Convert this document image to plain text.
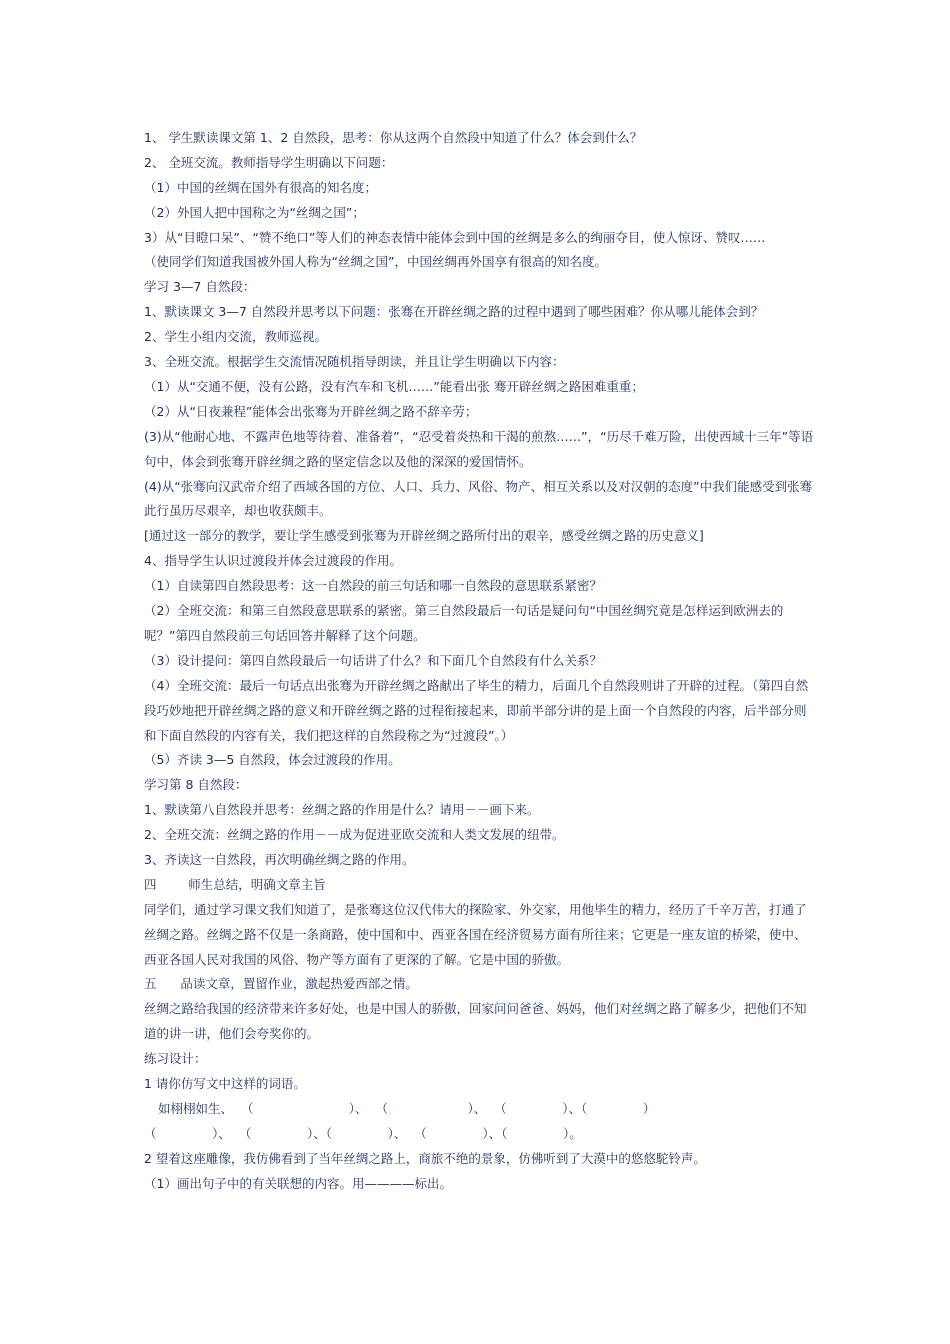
1、 学生默读课文第 1、2 自然段，思考：你从这两个自然段中知道了什么？体会到什么？
2、 全班交流。教师指导学生明确以下问题：
（1）中国的丝绸在国外有很高的知名度；
（2）外国人把中国称之为“丝绸之国”；
3）从“目瞪口呆”、“赞不绝口”等人们的神态表情中能体会到中国的丝绸是多么的绚丽夺目，使人惊讶、赞叹……
（使同学们知道我国被外国人称为“丝绸之国”，中国丝绸再外国享有很高的知名度。
学习 3—7 自然段：
1、默读课文 3—7 自然段并思考以下问题：张骞在开辟丝绸之路的过程中遇到了哪些困难？你从哪儿能体会到？
2、学生小组内交流，教师巡视。
3、全班交流。根据学生交流情况随机指导朗读，并且让学生明确以下内容：
（1）从“交通不便，没有公路，没有汽车和飞机……”能看出张 骞开辟丝绸之路困难重重；
（2）从“日夜兼程”能体会出张骞为开辟丝绸之路不辞辛劳；
(3)从“他耐心地、不露声色地等待着、准备着”，“忍受着炎热和干渴的煎熬……”，“历尽千难万险，出使西域十三年”等语句中，体会到张骞开辟丝绸之路的坚定信念以及他的深深的爱国情怀。
(4)从“张骞向汉武帝介绍了西域各国的方位、人口、兵力、风俗、物产、相互关系以及对汉朝的态度”中我们能感受到张骞此行虽历尽艰辛，却也收获颇丰。
[通过这一部分的教学，要让学生感受到张骞为开辟丝绸之路所付出的艰辛，感受丝绸之路的历史意义]
4、指导学生认识过渡段并体会过渡段的作用。
（1）自读第四自然段思考：这一自然段的前三句话和哪一自然段的意思联系紧密？
（2）全班交流：和第三自然段意思联系的紧密。第三自然段最后一句话是疑问句“中国丝绸究竟是怎样运到欧洲去的呢？”第四自然段前三句话回答并解释了这个问题。
（3）设计提问：第四自然段最后一句话讲了什么？和下面几个自然段有什么关系？
（4）全班交流：最后一句话点出张骞为开辟丝绸之路献出了毕生的精力，后面几个自然段则讲了开辟的过程。（第四自然段巧妙地把开辟丝绸之路的意义和开辟丝绸之路的过程衔接起来，即前半部分讲的是上面一个自然段的内容，后半部分则和下面自然段的内容有关，我们把这样的自然段称之为“过渡段”。）
（5）齐读 3—5 自然段，体会过渡段的作用。
学习第 8 自然段：
1、默读第八自然段并思考：丝绸之路的作用是什么？请用－－画下来。
2、全班交流：丝绸之路的作用－－成为促进亚欧交流和人类文发展的纽带。
3、齐读这一自然段，再次明确丝绸之路的作用。
四        师生总结，明确文章主旨
同学们，通过学习课文我们知道了，是张骞这位汉代伟大的探险家、外交家，用他毕生的精力，经历了千辛万苦，打通了丝绸之路。丝绸之路不仅是一条商路，使中国和中、西亚各国在经济贸易方面有所往来；它更是一座友谊的桥梁，使中、西亚各国人民对我国的风俗、物产等方面有了更深的了解。它是中国的骄傲。
五      品读文章，置留作业，激起热爱西部之情。
丝绸之路给我国的经济带来许多好处，也是中国人的骄傲，回家问问爸爸、妈妈，他们对丝绸之路了解多少，把他们不知道的讲一讲，他们会夸奖你的。
练习设计：
1 请你仿写文中这样的词语。
如栩栩如生、  （                        ）、  （                    ）、  （              ）、（              ）
（              ）、  （              ）、（              ）、  （              ）、（              ）。
2 望着这座雕像，我仿佛看到了当年丝绸之路上，商旅不绝的景象，仿佛听到了大漠中的悠悠駝铃声。
（1）画出句子中的有关联想的内容。用————标出。
